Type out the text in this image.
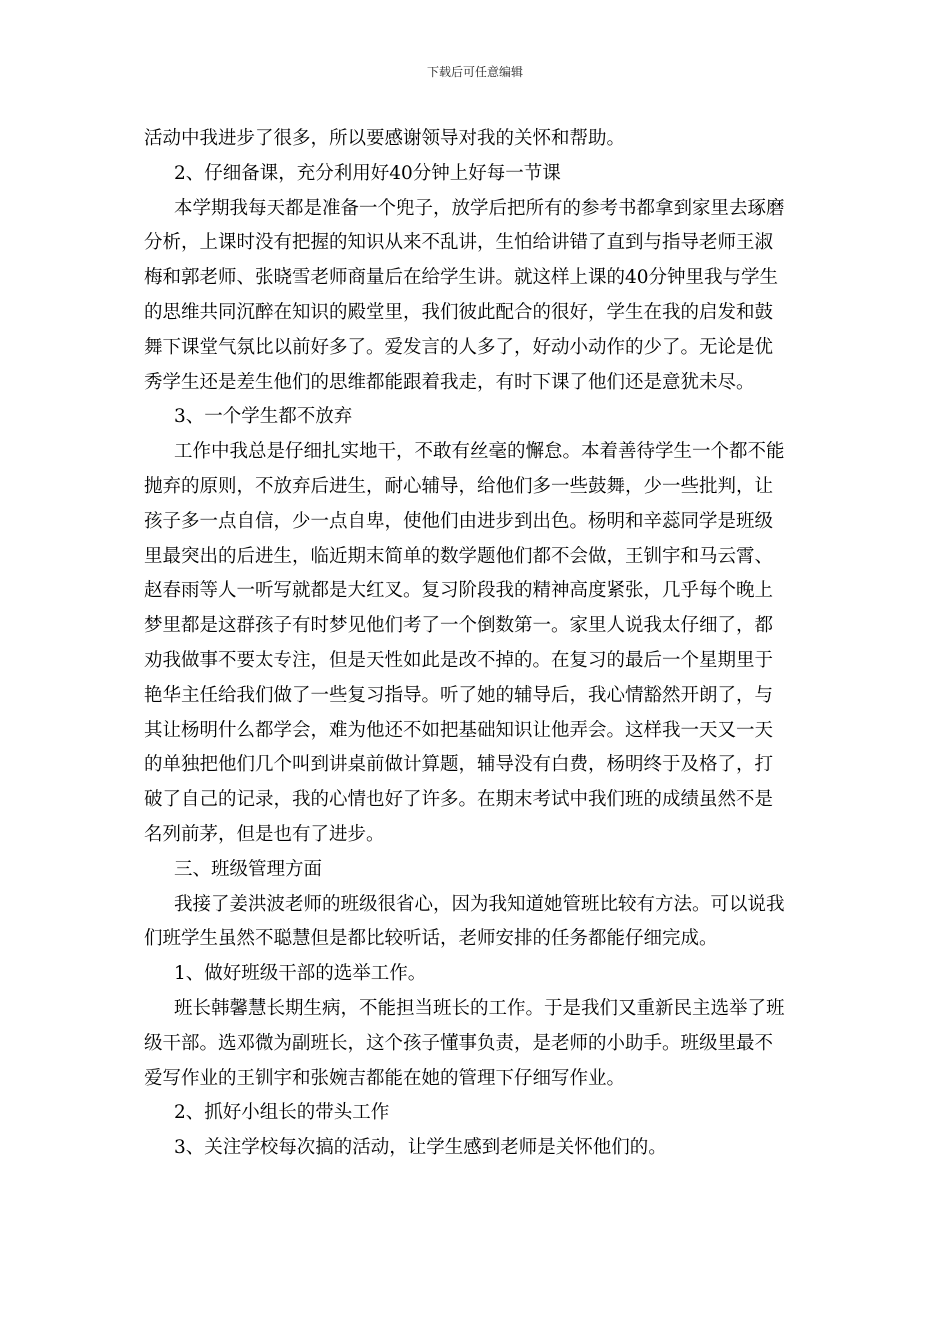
下载后可任意编辑
活动中我进步了很多，所以要感谢领导对我的关怀和帮助。
2、仔细备课，充分利用好40分钟上好每一节课
本学期我每天都是准备一个兜子，放学后把所有的参考书都拿到家里去琢磨
分析，上课时没有把握的知识从来不乱讲，生怕给讲错了直到与指导老师王淑
梅和郭老师、张晓雪老师商量后在给学生讲。就这样上课的40分钟里我与学生
的思维共同沉醉在知识的殿堂里，我们彼此配合的很好，学生在我的启发和鼓
舞下课堂气氛比以前好多了。爱发言的人多了，好动小动作的少了。无论是优
秀学生还是差生他们的思维都能跟着我走，有时下课了他们还是意犹未尽。
3、一个学生都不放弃
工作中我总是仔细扎实地干，不敢有丝毫的懈怠。本着善待学生一个都不能
抛弃的原则，不放弃后进生，耐心辅导，给他们多一些鼓舞，少一些批判，让
孩子多一点自信，少一点自卑，使他们由进步到出色。杨明和辛蕊同学是班级
里最突出的后进生，临近期末简单的数学题他们都不会做，王钏宇和马云霄、
赵春雨等人一听写就都是大红叉。复习阶段我的精神高度紧张，几乎每个晚上
梦里都是这群孩子有时梦见他们考了一个倒数第一。家里人说我太仔细了，都
劝我做事不要太专注，但是天性如此是改不掉的。在复习的最后一个星期里于
艳华主任给我们做了一些复习指导。听了她的辅导后，我心情豁然开朗了，与
其让杨明什么都学会，难为他还不如把基础知识让他弄会。这样我一天又一天
的单独把他们几个叫到讲桌前做计算题，辅导没有白费，杨明终于及格了，打
破了自己的记录，我的心情也好了许多。在期末考试中我们班的成绩虽然不是
名列前茅，但是也有了进步。
三、班级管理方面
我接了姜洪波老师的班级很省心，因为我知道她管班比较有方法。可以说我
们班学生虽然不聪慧但是都比较听话，老师安排的任务都能仔细完成。
1、做好班级干部的选举工作。
班长韩馨慧长期生病，不能担当班长的工作。于是我们又重新民主选举了班
级干部。选邓微为副班长，这个孩子懂事负责，是老师的小助手。班级里最不
爱写作业的王钏宇和张婉吉都能在她的管理下仔细写作业。
2、抓好小组长的带头工作
3、关注学校每次搞的活动，让学生感到老师是关怀他们的。
